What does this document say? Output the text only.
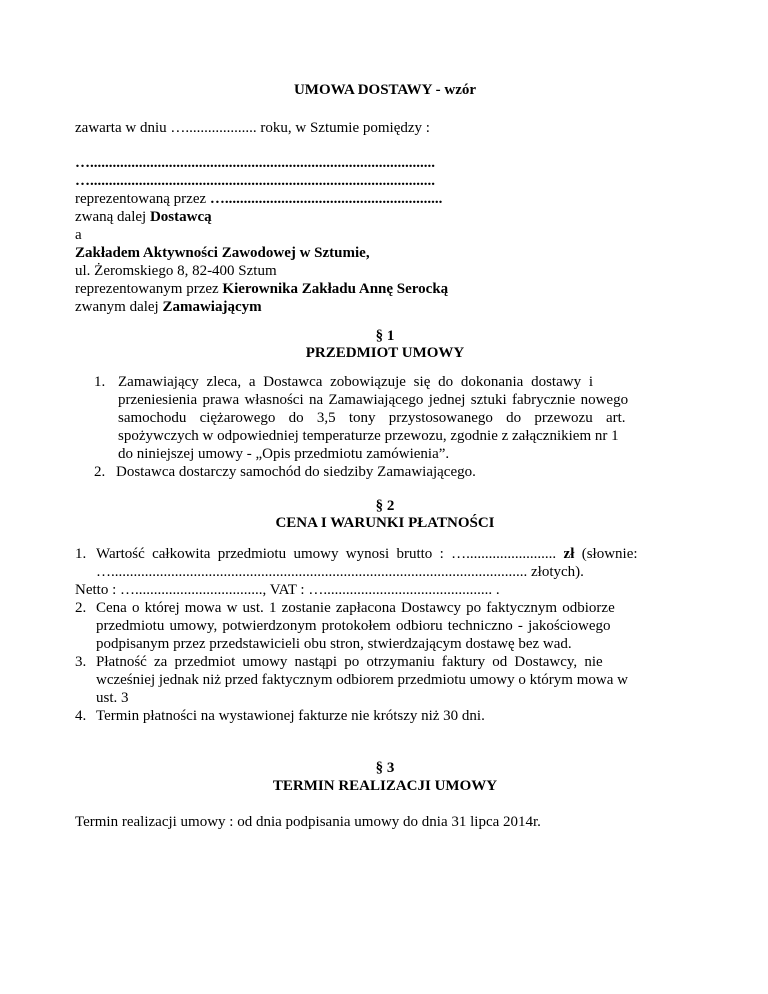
UMOWA DOSTAWY - wzór
zawarta w dniu …................... roku, w Sztumie pomiędzy :
…............................................................................................
…............................................................................................
reprezentowaną przez …..........................................................
zwaną dalej Dostawcą
a
Zakładem Aktywności Zawodowej w Sztumie,
ul. Żeromskiego 8, 82-400 Sztum
reprezentowanym przez Kierownika Zakładu Annę Serocką
zwanym dalej Zamawiającym
§ 1
PRZEDMIOT UMOWY
1. Zamawiający zleca, a Dostawca zobowiązuje się do dokonania dostawy i
przeniesienia prawa własności na Zamawiającego jednej sztuki fabrycznie nowego
samochodu ciężarowego do 3,5 tony przystosowanego do przewozu art.
spożywczych w odpowiedniej temperaturze przewozu, zgodnie z załącznikiem nr 1
do niniejszej umowy - „Opis przedmiotu zamówienia”.
2. Dostawca dostarczy samochód do siedziby Zamawiającego.
§ 2
CENA I WARUNKI PŁATNOŚCI
1. Wartość całkowita przedmiotu umowy wynosi brutto : …........................ zł (słownie:
…............................................................................................................... złotych).
Netto : ….................................., VAT : …............................................. .
2. Cena o której mowa w ust. 1 zostanie zapłacona Dostawcy po faktycznym odbiorze
przedmiotu umowy, potwierdzonym protokołem odbioru techniczno - jakościowego
podpisanym przez przedstawicieli obu stron, stwierdzającym dostawę bez wad.
3. Płatność za przedmiot umowy nastąpi po otrzymaniu faktury od Dostawcy, nie
wcześniej jednak niż przed faktycznym odbiorem przedmiotu umowy o którym mowa w
ust. 3
4. Termin płatności na wystawionej fakturze nie krótszy niż 30 dni.
§ 3
TERMIN REALIZACJI UMOWY
Termin realizacji umowy : od dnia podpisania umowy do dnia 31 lipca 2014r.
